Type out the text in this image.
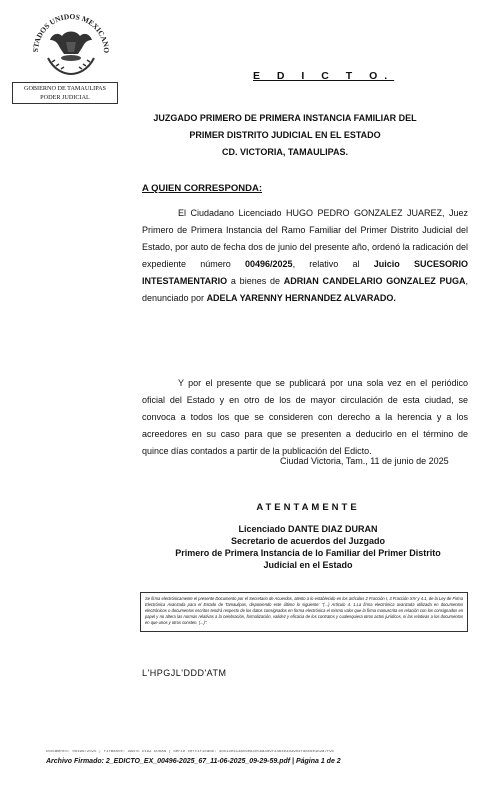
STADOS UNIDOS MEXICANO
GOBIERNO DE TAMAULIPAS
PODER JUDICIAL
E D I C T O.
JUZGADO PRIMERO DE PRIMERA INSTANCIA FAMILIAR DEL
PRIMER DISTRITO JUDICIAL EN EL ESTADO
CD. VICTORIA, TAMAULIPAS.
A QUIEN CORRESPONDA:
El Ciudadano Licenciado HUGO PEDRO GONZALEZ JUAREZ, Juez Primero de Primera Instancia del Ramo Familiar del Primer Distrito Judicial del Estado, por auto de fecha dos de junio del presente año, ordenó la radicación del expediente número 00496/2025, relativo al Juicio SUCESORIO INTESTAMENTARIO a bienes de ADRIAN CANDELARIO GONZALEZ PUGA, denunciado por ADELA YARENNY HERNANDEZ ALVARADO.
Y por el presente que se publicará por una sola vez en el periódico oficial del Estado y en otro de los de mayor circulación de esta ciudad, se convoca a todos los que se consideren con derecho a la herencia y a los acreedores en su caso para que se presenten a deducirlo en el término de quince días contados a partir de la publicación del Edicto.
Ciudad Victoria, Tam., 11 de junio de 2025
ATENTAMENTE
Licenciado DANTE DIAZ DURAN
Secretario de acuerdos del Juzgado
Primero de Primera Instancia de lo Familiar del Primer Distrito
Judicial en el Estado
Se firma electrónicamente el presente Documento por el Secretario de Acuerdos, atento a lo establecido en los artículos 2 Fracción I, 3 Fracción XIV y 4.1, de la Ley de Firma Electrónica Avanzada para el Estado de Tamaulipas, disponiendo este último lo siguiente: "(...) Artículo 4. 1.La firma electrónica avanzada utilizada en documentos electrónicos o documentos escritos tendrá respecto de los datos consignados en forma electrónica el mismo valor que la firma manuscrita en relación con los consignados en papel y no altera las normas relativas a la celebración, formalización, validez y eficacia de los contratos y cualesquiera otros actos jurídicos, ni las relativas a los documentos en que unos y otros consten. (...)".
L'HPGJL'DDD'ATM
Documento: 00496/2025 | Firmante: DANTE DIAZ DURAN | Serie certificado: 4d514e413ac6e84c5ba3d9f34b4e3d3904fd8c6e1b2a7f9c
Archivo Firmado: 2_EDICTO_EX_00496-2025_67_11-06-2025_09-29-59.pdf | Página 1 de 2
